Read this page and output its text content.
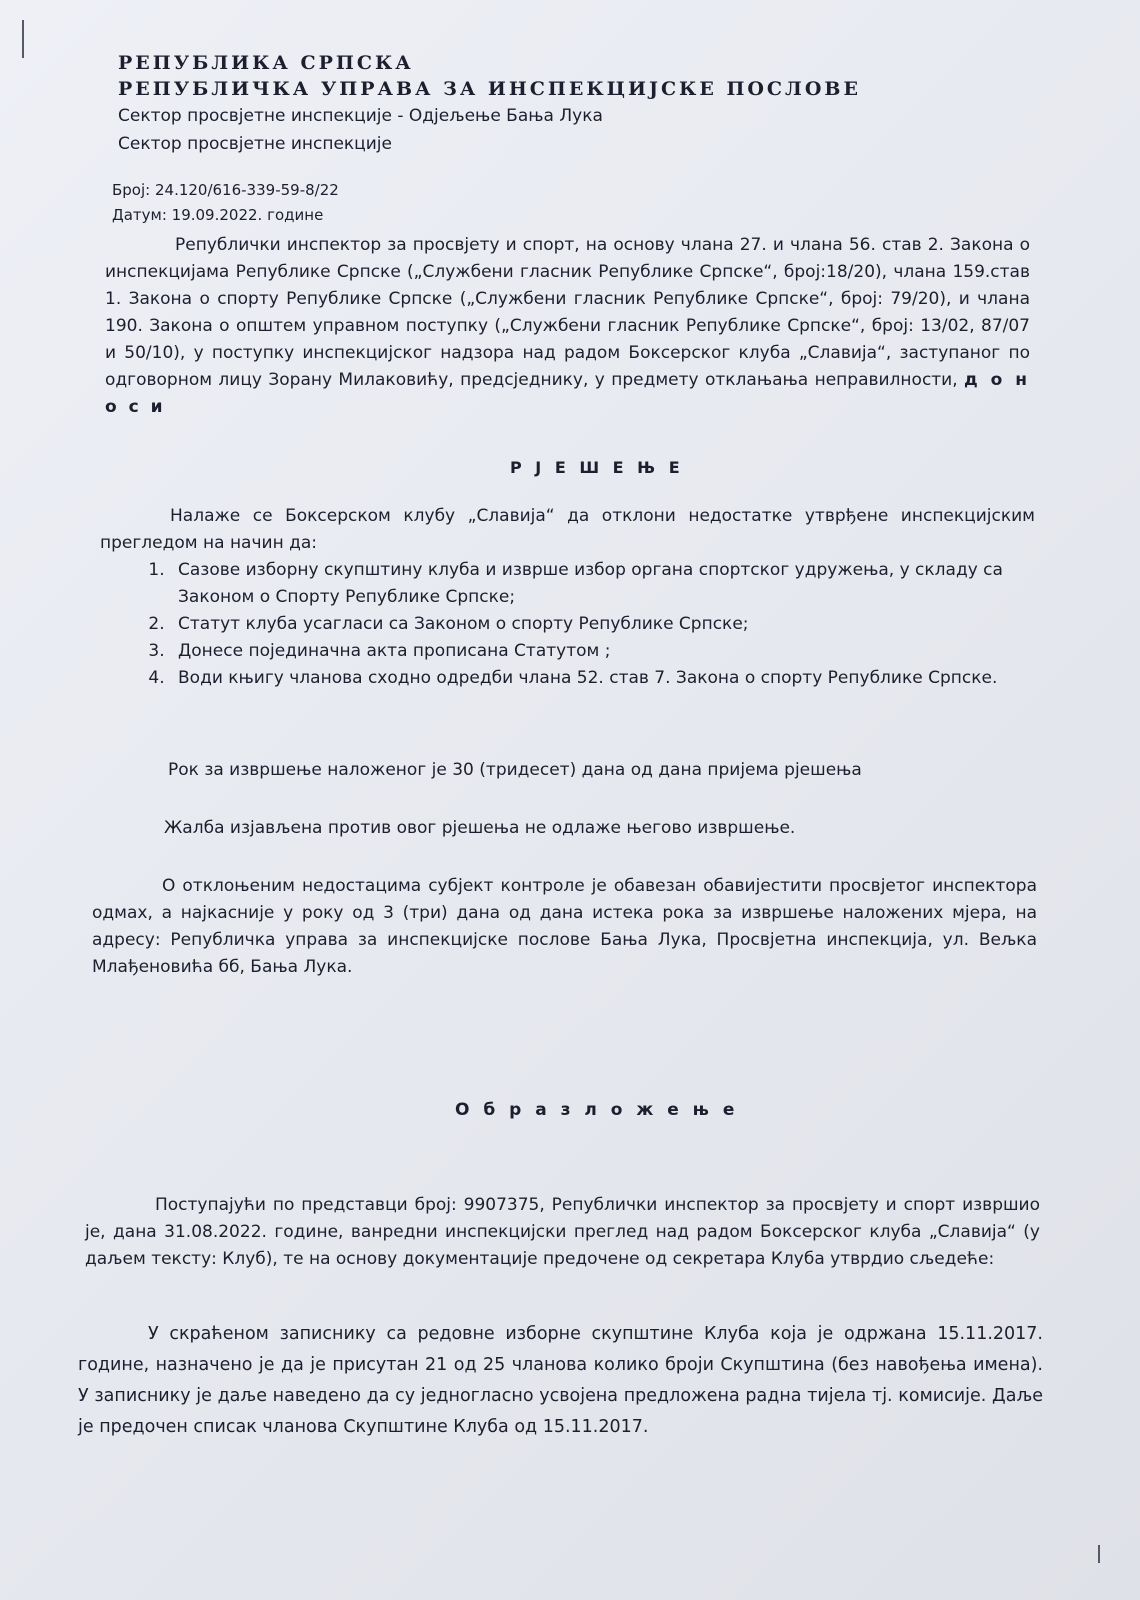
РЕПУБЛИКА СРПСКА
РЕПУБЛИЧКА УПРАВА ЗА ИНСПЕКЦИЈСКЕ ПОСЛОВЕ
Сектор просвјетне инспекције - Одјељење Бања Лука
Сектор просвјетне инспекције
Број: 24.120/616-339-59-8/22
Датум: 19.09.2022. године
Републички инспектор за просвјету и спорт, на основу члана 27. и члана 56. став 2. Закона о инспекцијама Републике Српске („Службени гласник Републике Српске“, број:18/20), члана 159.став 1. Закона о спорту Републике Српске („Службени гласник Републике Српске“, број: 79/20), и члана 190. Закона о општем управном поступку („Службени гласник Републике Српске“, број: 13/02, 87/07 и 50/10), у поступку инспекцијског надзора над радом Боксерског клуба „Славија“, заступаног по одговорном лицу Зорану Милаковићу, предсједнику, у предмету отклањања неправилности, д о н о с и
Р Ј Е Ш Е Њ Е
Налаже се Боксерском клубу „Славија“ да отклони недостатке утврђене инспекцијским прегледом на начин да:
1. Сазове изборну скупштину клуба и изврше избор органа спортског удружења, у складу са Законом о Спорту Републике Српске;
2. Статут клуба усагласи са Законом о спорту Републике Српске;
3. Донесе појединачна акта прописана Статутом ;
4. Води књигу чланова сходно одредби члана 52. став 7. Закона о спорту Републике Српске.
Рок за извршење наложеног је 30 (тридесет) дана од дана пријема рјешења
Жалба изјављена против овог рјешења не одлаже његово извршење.
О отклоњеним недостацима субјект контроле је обавезан обавијестити просвјетог инспектора одмах, а најкасније у року од 3 (три) дана од дана истека рока за извршење наложених мјера, на адресу: Републичка управа за инспекцијске послове Бања Лука, Просвјетна инспекција, ул. Вељка Млађеновића бб, Бања Лука.
О б р а з л о ж е њ е
Поступајући по представци број: 9907375, Републички инспектор за просвјету и спорт извршио је, дана 31.08.2022. године, ванредни инспекцијски преглед над радом Боксерског клуба „Славија“ (у даљем тексту: Клуб), те на основу документације предочене од секретара Клуба утврдио сљедеће:
У скраћеном записнику са редовне изборне скупштине Клуба која је одржана 15.11.2017. године, назначено је да је присутан 21 од 25 чланова колико броји Скупштина (без навођења имена). У записнику је даље наведено да су једногласно усвојена предложена радна тијела тј. комисије. Даље је предочен списак чланова Скупштине Клуба од 15.11.2017.
